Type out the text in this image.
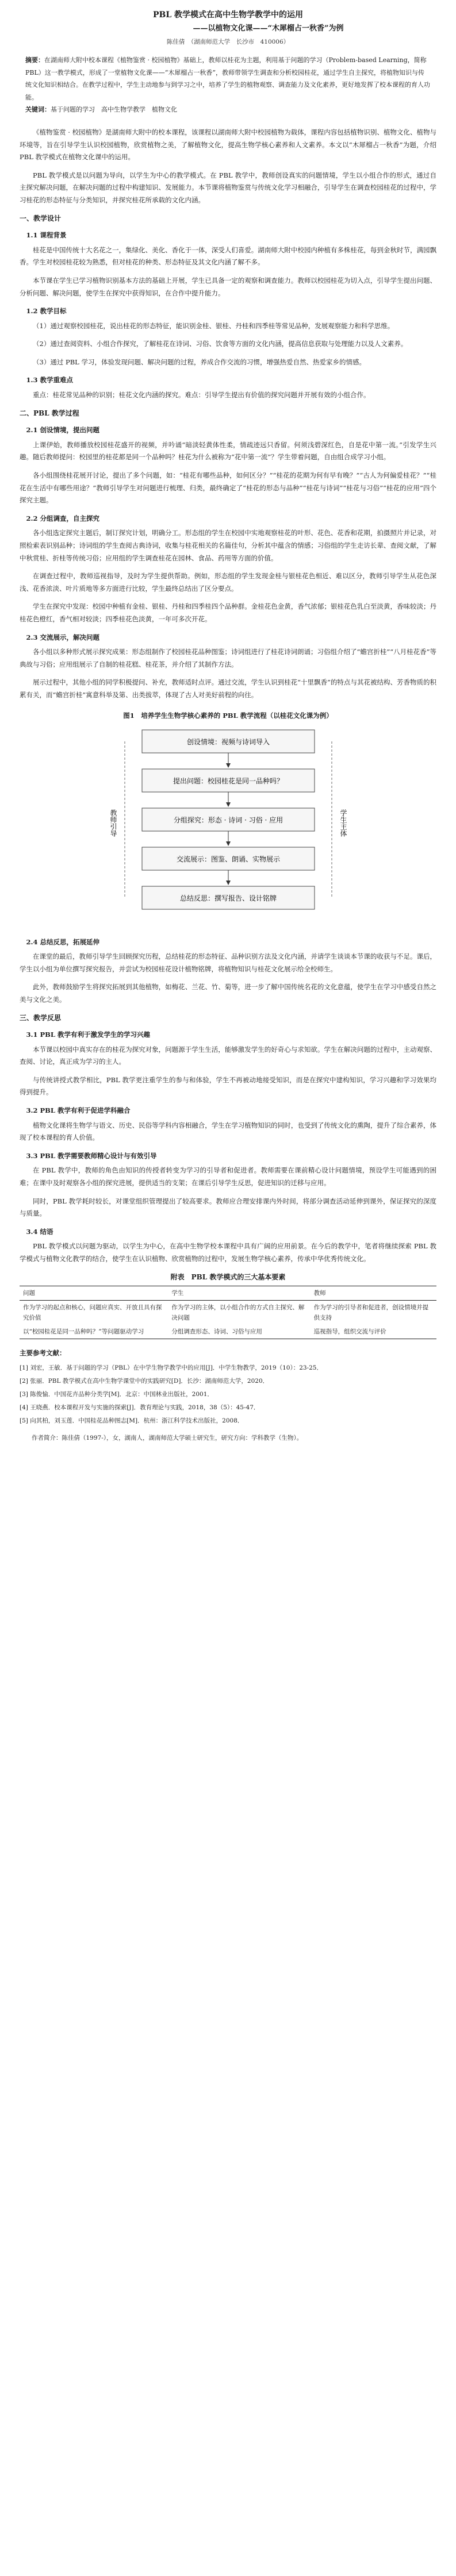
PBL 教学模式在高中生物学教学中的运用
——以植物文化课——“木犀榴占一秋香”为例
陈佳倩　（湖南师范大学　长沙市　410006）
摘要：在湖南师大附中校本课程《植物鉴赏 · 校园植物》基础上，教师以桂花为主题，利用基于问题的学习（Problem-based Learning，简称 PBL）这一教学模式，形成了一堂植物文化课——“木犀榴占一秋香”，教师带领学生调查和分析校园桂花，通过学生自主探究，将植物知识与传统文化知识相结合。在教学过程中，学生主动地参与到学习之中，培养了学生的植物观察、调查能力及文化素养，更好地发挥了校本课程的育人功能。
关键词：基于问题的学习　高中生物学教学　植物文化

《植物鉴赏 · 校园植物》是湖南师大附中的校本课程，该课程以湖南师大附中校园植物为载体，课程内容包括植物识别、植物文化、植物与环境等，旨在引导学生认识校园植物，欣赏植物之美，了解植物文化，提高生物学核心素养和人文素养。本文以“木犀榴占一秋香”为题，介绍 PBL 教学模式在植物文化课中的运用。

PBL 教学模式是以问题为导向，以学生为中心的教学模式。在 PBL 教学中，教师创设真实的问题情境，学生以小组合作的形式，通过自主探究解决问题，在解决问题的过程中构建知识、发展能力。本节课将植物鉴赏与传统文化学习相融合，引导学生在调查校园桂花的过程中，学习桂花的形态特征与分类知识，并探究桂花所承载的文化内涵。

一、教学设计
1.1 课程背景

桂花是中国传统十大名花之一，集绿化、美化、香化于一体，深受人们喜爱。湖南师大附中校园内种植有多株桂花，每到金秋时节，满园飘香。学生对校园桂花较为熟悉，但对桂花的种类、形态特征及其文化内涵了解不多。

本节课在学生已学习植物识别基本方法的基础上开展，学生已具备一定的观察和调查能力。教师以校园桂花为切入点，引导学生提出问题、分析问题、解决问题，使学生在探究中获得知识，在合作中提升能力。

1.2 教学目标

（1）通过观察校园桂花，说出桂花的形态特征，能识别金桂、银桂、丹桂和四季桂等常见品种，发展观察能力和科学思维。

（2）通过查阅资料、小组合作探究，了解桂花在诗词、习俗、饮食等方面的文化内涵，提高信息获取与处理能力以及人文素养。

（3）通过 PBL 学习，体验发现问题、解决问题的过程，养成合作交流的习惯，增强热爱自然、热爱家乡的情感。

1.3 教学重难点

重点：桂花常见品种的识别；桂花文化内涵的探究。难点：引导学生提出有价值的探究问题并开展有效的小组合作。

二、PBL 教学过程
2.1 创设情境，提出问题

上课伊始，教师播放校园桂花盛开的视频，并吟诵“暗淡轻黄体性柔，情疏迹远只香留。何须浅碧深红色，自是花中第一流。”引发学生兴趣。随后教师提问：校园里的桂花都是同一个品种吗？桂花为什么被称为“花中第一流”？学生带着问题，自由组合成学习小组。

各小组围绕桂花展开讨论，提出了多个问题，如：“桂花有哪些品种，如何区分？”“桂花的花期为何有早有晚？”“古人为何偏爱桂花？”“桂花在生活中有哪些用途？”教师引导学生对问题进行梳理、归类，最终确定了“桂花的形态与品种”“桂花与诗词”“桂花与习俗”“桂花的应用”四个探究主题。

2.2 分组调查，自主探究

各小组选定探究主题后，制订探究计划，明确分工。形态组的学生在校园中实地观察桂花的叶形、花色、花香和花期，拍摄照片并记录，对照检索表识别品种；诗词组的学生查阅古典诗词，收集与桂花相关的名篇佳句，分析其中蕴含的情感；习俗组的学生走访长辈、查阅文献，了解中秋赏桂、折桂等传统习俗；应用组的学生调查桂花在园林、食品、药用等方面的价值。

在调查过程中，教师巡视指导，及时为学生提供帮助。例如，形态组的学生发现金桂与银桂花色相近、难以区分，教师引导学生从花色深浅、花香浓淡、叶片质地等多方面进行比较，学生最终总结出了区分要点。

学生在探究中发现：校园中种植有金桂、银桂、丹桂和四季桂四个品种群。金桂花色金黄，香气浓郁；银桂花色乳白至淡黄，香味较淡；丹桂花色橙红，香气相对较淡；四季桂花色淡黄，一年可多次开花。

2.3 交流展示，解决问题

各小组以多种形式展示探究成果：形态组制作了校园桂花品种图鉴；诗词组进行了桂花诗词朗诵；习俗组介绍了“蟾宫折桂”“八月桂花香”等典故与习俗；应用组展示了自制的桂花糕、桂花茶，并介绍了其制作方法。

展示过程中，其他小组的同学积极提问、补充，教师适时点评。通过交流，学生认识到桂花“十里飘香”的特点与其花被结构、芳香物质的积累有关，而“蟾宫折桂”寓意科举及第、出类拔萃，体现了古人对美好前程的向往。

图1　培养学生生物学核心素养的 PBL 教学流程（以桂花文化课为例）
创设情境：视频与诗词导入
提出问题：校园桂花是同一品种吗？
分组探究：形态 · 诗词 · 习俗 · 应用
交流展示：图鉴、朗诵、实物展示
总结反思：撰写报告、设计铭牌
教师引导	学生主体
2.4 总结反思，拓展延伸

在课堂的最后，教师引导学生回顾探究历程，总结桂花的形态特征、品种识别方法及文化内涵，并请学生谈谈本节课的收获与不足。课后，学生以小组为单位撰写探究报告，并尝试为校园桂花设计植物铭牌，将植物知识与桂花文化展示给全校师生。

此外，教师鼓励学生将探究拓展到其他植物，如梅花、兰花、竹、菊等，进一步了解中国传统名花的文化意蕴，使学生在学习中感受自然之美与文化之美。

三、教学反思
3.1 PBL 教学有利于激发学生的学习兴趣

本节课以校园中真实存在的桂花为探究对象，问题源于学生生活，能够激发学生的好奇心与求知欲。学生在解决问题的过程中，主动观察、查阅、讨论，真正成为学习的主人。

与传统讲授式教学相比，PBL 教学更注重学生的参与和体验，学生不再被动地接受知识，而是在探究中建构知识，学习兴趣和学习效果均得到提升。

3.2 PBL 教学有利于促进学科融合

植物文化课将生物学与语文、历史、民俗等学科内容相融合，学生在学习植物知识的同时，也受到了传统文化的熏陶，提升了综合素养，体现了校本课程的育人价值。

3.3 PBL 教学需要教师精心设计与有效引导

在 PBL 教学中，教师的角色由知识的传授者转变为学习的引导者和促进者。教师需要在课前精心设计问题情境，预设学生可能遇到的困难；在课中及时观察各小组的探究进展，提供适当的支架；在课后引导学生反思，促进知识的迁移与应用。

同时，PBL 教学耗时较长，对课堂组织管理提出了较高要求。教师应合理安排课内外时间，将部分调查活动延伸到课外，保证探究的深度与质量。

3.4 结语

PBL 教学模式以问题为驱动，以学生为中心，在高中生物学校本课程中具有广阔的应用前景。在今后的教学中，笔者将继续探索 PBL 教学模式与植物文化教学的结合，使学生在认识植物、欣赏植物的过程中，发展生物学核心素养，传承中华优秀传统文化。

附表　PBL 教学模式的三大基本要素
问题	学生	教师
作为学习的起点和核心，问题应真实、开放且具有探究价值	作为学习的主体，以小组合作的方式自主探究、解决问题	作为学习的引导者和促进者，创设情境并提供支持
以“校园桂花是同一品种吗？”等问题驱动学习	分组调查形态、诗词、习俗与应用	巡视指导，组织交流与评价
主要参考文献：

[1] 刘宏，王敏．基于问题的学习（PBL）在中学生物学教学中的应用[J]．中学生物教学，2019（10）：23-25．

[2] 张丽．PBL 教学模式在高中生物学课堂中的实践研究[D]．长沙：湖南师范大学，2020．

[3] 陈俊愉．中国花卉品种分类学[M]．北京：中国林业出版社，2001．

[4] 王晓燕．校本课程开发与实施的探索[J]．教育理论与实践，2018，38（5）：45-47．

[5] 向其柏，刘玉莲．中国桂花品种图志[M]．杭州：浙江科学技术出版社，2008．

作者简介：陈佳倩（1997-），女，湖南人，湖南师范大学硕士研究生，研究方向：学科教学（生物）。
